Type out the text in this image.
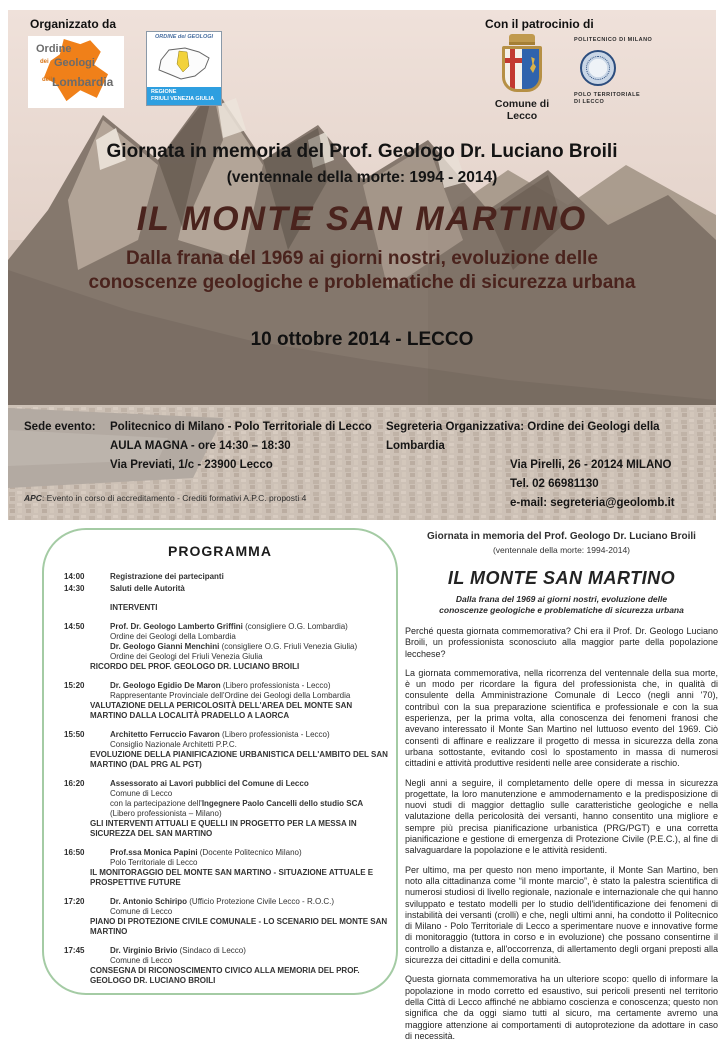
Organizzato da
Ordine
dei Geologi
della
Lombardia
ORDINE dei GEOLOGI
REGIONE
FRIULI VENEZIA GIULIA
Con il patrocinio di
Comune di Lecco
POLITECNICO DI MILANO
POLO TERRITORIALE
DI LECCO
Giornata in memoria del Prof. Geologo Dr. Luciano Broili
(ventennale della morte: 1994 - 2014)
IL MONTE SAN MARTINO
Dalla frana del 1969 ai giorni nostri, evoluzione delle
conoscenze geologiche e problematiche di sicurezza urbana
10 ottobre 2014 - LECCO
Sede evento: Politecnico di Milano - Polo Territoriale di Lecco
AULA MAGNA - ore 14:30 – 18:30
Via Previati, 1/c - 23900 Lecco
Segreteria Organizzativa: Ordine dei Geologi della Lombardia
Via Pirelli, 26 - 20124 MILANO
Tel. 02 66981130
e-mail: segreteria@geolomb.it
APC: Evento in corso di accreditamento - Crediti formativi A.P.C. proposti 4
PROGRAMMA
14:00	Registrazione dei partecipanti
14:30	Saluti delle Autorità
INTERVENTI
14:50	Prof. Dr. Geologo Lamberto Griffini (consigliere O.G. Lombardia)
Ordine dei Geologi della Lombardia
Dr. Geologo Gianni Menchini (consigliere O.G. Friuli Venezia Giulia)
Ordine dei Geologi del Friuli Venezia Giulia
RICORDO DEL PROF. GEOLOGO DR. LUCIANO BROILI
15:20	Dr. Geologo Egidio De Maron (Libero professionista - Lecco)
Rappresentante Provinciale dell'Ordine dei Geologi della Lombardia
VALUTAZIONE DELLA PERICOLOSITÀ DELL'AREA DEL MONTE SAN MARTINO DALLA LOCALITÀ PRADELLO A LAORCA
15:50	Architetto Ferruccio Favaron (Libero professionista - Lecco)
Consiglio Nazionale Architetti P.P.C.
EVOLUZIONE DELLA PIANIFICAZIONE URBANISTICA DELL'AMBITO DEL SAN MARTINO (DAL PRG AL PGT)
16:20	Assessorato ai Lavori pubblici del Comune di Lecco
Comune di Lecco
con la partecipazione dell'Ingegnere Paolo Cancelli dello studio SCA (Libero professionista – Milano)
GLI INTERVENTI ATTUALI E QUELLI IN PROGETTO PER LA MESSA IN SICUREZZA DEL SAN MARTINO
16:50	Prof.ssa Monica Papini (Docente Politecnico Milano)
Polo Territoriale di Lecco
IL MONITORAGGIO DEL MONTE SAN MARTINO - SITUAZIONE ATTUALE E PROSPETTIVE FUTURE
17:20	Dr. Antonio Schiripo (Ufficio Protezione Civile Lecco - R.O.C.)
Comune di Lecco
PIANO DI PROTEZIONE CIVILE COMUNALE - LO SCENARIO DEL MONTE SAN MARTINO
17:45	Dr. Virginio Brivio (Sindaco di Lecco)
Comune di Lecco
CONSEGNA DI RICONOSCIMENTO CIVICO ALLA MEMORIA DEL PROF. GEOLOGO DR. LUCIANO BROILI
Giornata in memoria del Prof. Geologo Dr. Luciano Broili
(ventennale della morte: 1994-2014)
IL MONTE SAN MARTINO
Dalla frana del 1969 ai giorni nostri, evoluzione delle
conoscenze geologiche e problematiche di sicurezza urbana

Perché questa giornata commemorativa? Chi era il Prof. Dr. Geologo Luciano Broili, un professionista sconosciuto alla maggior parte della popolazione lecchese?

La giornata commemorativa, nella ricorrenza del ventennale della sua morte, è un modo per ricordare la figura del professionista che, in qualità di consulente della Amministrazione Comunale di Lecco (negli anni '70), contribuì con la sua preparazione scientifica e professionale e con la sua esperienza, per la prima volta, alla conoscenza dei fenomeni franosi che avevano interessato il Monte San Martino nel luttuoso evento del 1969. Ciò consentì di affinare e realizzare il progetto di messa in sicurezza della zona urbana sottostante, evitando così lo spostamento in massa di numerosi cittadini e attività produttive residenti nelle aree considerate a rischio.

Negli anni a seguire, il completamento delle opere di messa in sicurezza progettate, la loro manutenzione e ammodernamento e la predisposizione di nuovi studi di maggior dettaglio sulle caratteristiche geologiche e nella valutazione della pericolosità dei versanti, hanno consentito una migliore e sempre più precisa pianificazione urbanistica (PRG/PGT) e una corretta pianificazione e gestione di emergenza di Protezione Civile (P.E.C.), al fine di salvaguardare la popolazione e le attività residenti.

Per ultimo, ma per questo non meno importante, il Monte San Martino, ben noto alla cittadinanza come “il monte marcio”, è stato la palestra scientifica di numerosi studiosi di livello regionale, nazionale e internazionale che qui hanno sviluppato e testato modelli per lo studio dell'identificazione dei fenomeni di instabilità dei versanti (crolli) e che, negli ultimi anni, ha condotto il Politecnico di Milano - Polo Territoriale di Lecco a sperimentare nuove e innovative forme di monitoraggio (tuttora in corso e in evoluzione) che possano consentirne il controllo a distanza e, all'occorrenza, di allertamento degli organi preposti alla sicurezza dei cittadini e della comunità.

Questa giornata commemorativa ha un ulteriore scopo: quello di informare la popolazione in modo corretto ed esaustivo, sui pericoli presenti nel territorio della Città di Lecco affinché ne abbiamo coscienza e conoscenza; questo non significa che da oggi siamo tutti al sicuro, ma certamente avremo una maggiore attenzione ai comportamenti di autoprotezione da adottare in caso di necessità.
